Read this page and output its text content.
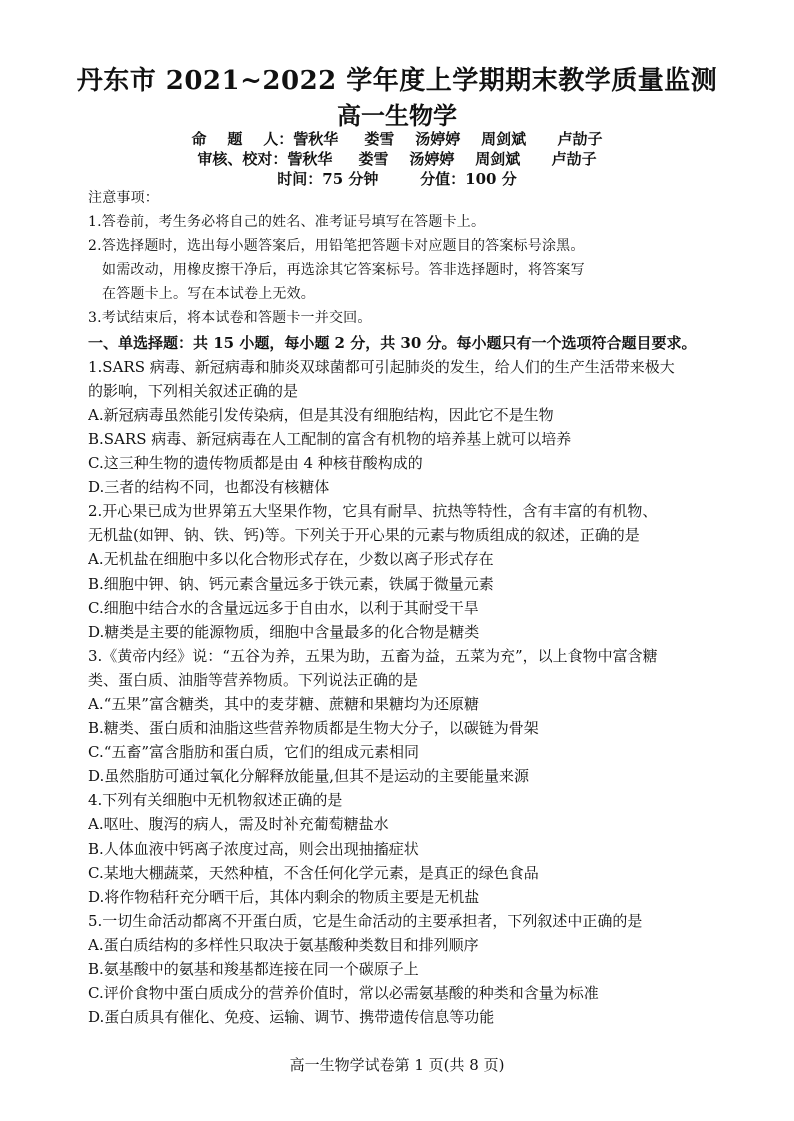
丹东市 2021~2022 学年度上学期期末教学质量监测
高一生物学
命    题    人：訾秋华     娄雪    汤婷婷    周剑斌      卢劼子
审核、校对：訾秋华     娄雪    汤婷婷    周剑斌      卢劼子
时间：75 分钟        分值：100 分
注意事项：
1.答卷前，考生务必将自己的姓名、准考证号填写在答题卡上。
2.答选择题时，选出每小题答案后，用铅笔把答题卡对应题目的答案标号涂黑。
如需改动，用橡皮擦干净后，再选涂其它答案标号。答非选择题时，将答案写
在答题卡上。写在本试卷上无效。
3.考试结束后，将本试卷和答题卡一并交回。
一、单选择题：共 15 小题，每小题 2 分，共 30 分。每小题只有一个选项符合题目要求。
1.SARS 病毒、新冠病毒和肺炎双球菌都可引起肺炎的发生，给人们的生产生活带来极大
的影响，下列相关叙述正确的是
A.新冠病毒虽然能引发传染病，但是其没有细胞结构，因此它不是生物
B.SARS 病毒、新冠病毒在人工配制的富含有机物的培养基上就可以培养
C.这三种生物的遗传物质都是由 4 种核苷酸构成的
D.三者的结构不同，也都没有核糖体
2.开心果已成为世界第五大坚果作物，它具有耐旱、抗热等特性，含有丰富的有机物、
无机盐(如钾、钠、铁、钙)等。下列关于开心果的元素与物质组成的叙述，正确的是
A.无机盐在细胞中多以化合物形式存在，少数以离子形式存在
B.细胞中钾、钠、钙元素含量远多于铁元素，铁属于微量元素
C.细胞中结合水的含量远远多于自由水，以利于其耐受干旱
D.糖类是主要的能源物质，细胞中含量最多的化合物是糖类
3.《黄帝内经》说：“五谷为养，五果为助，五畜为益，五菜为充”，以上食物中富含糖
类、蛋白质、油脂等营养物质。下列说法正确的是
A.“五果”富含糖类，其中的麦芽糖、蔗糖和果糖均为还原糖
B.糖类、蛋白质和油脂这些营养物质都是生物大分子，以碳链为骨架
C.“五畜”富含脂肪和蛋白质，它们的组成元素相同
D.虽然脂肪可通过氧化分解释放能量,但其不是运动的主要能量来源
4.下列有关细胞中无机物叙述正确的是
A.呕吐、腹泻的病人，需及时补充葡萄糖盐水
B.人体血液中钙离子浓度过高，则会出现抽搐症状
C.某地大棚蔬菜，天然种植，不含任何化学元素，是真正的绿色食品
D.将作物秸秆充分晒干后，其体内剩余的物质主要是无机盐
5.一切生命活动都离不开蛋白质，它是生命活动的主要承担者，下列叙述中正确的是
A.蛋白质结构的多样性只取决于氨基酸种类数目和排列顺序
B.氨基酸中的氨基和羧基都连接在同一个碳原子上
C.评价食物中蛋白质成分的营养价值时，常以必需氨基酸的种类和含量为标准
D.蛋白质具有催化、免疫、运输、调节、携带遗传信息等功能
高一生物学试卷第 1 页(共 8 页)
